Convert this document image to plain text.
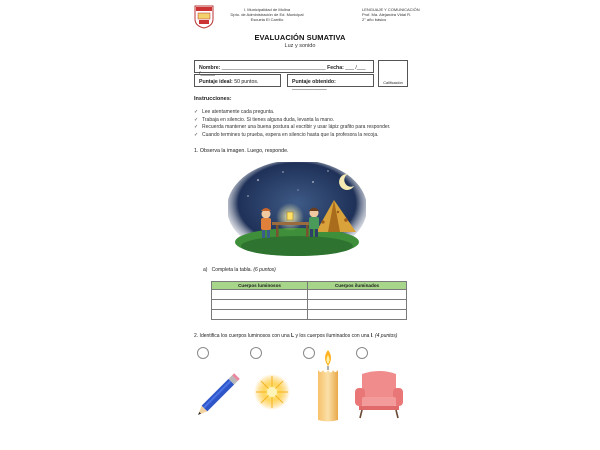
I. Municipalidad de Molina
Dpto. de Administración de Ed. Municipal
Escuela El Carrillo
LENGUAJE Y COMUNICACIÓN
Prof. Ma. Alejandra Vidal R.
2° año básico
EVALUACIÓN SUMATIVA
Luz y sonido
Nombre: ____________________________________ Fecha: ___ /___ /_____
Puntaje ideal: 50 puntos.	Puntaje obtenido: ____________
Calificación
Instrucciones:
✓ Lee atentamente cada pregunta.
✓ Trabaja en silencio. Si tienes alguna duda, levanta la mano.
✓ Recuerda mantener una buena postura al escribir y usar lápiz grafito para responder.
✓ Cuando termines tu prueba, espera en silencio hasta que la profesora la recoja.
1. Observa la imagen. Luego, responde.
a) Completa la tabla. (6 puntos)
Cuerpos luminosos	Cuerpos iluminados

2. Identifica los cuerpos luminosos con una L y los cuerpos iluminados con una I. (4 puntos)
